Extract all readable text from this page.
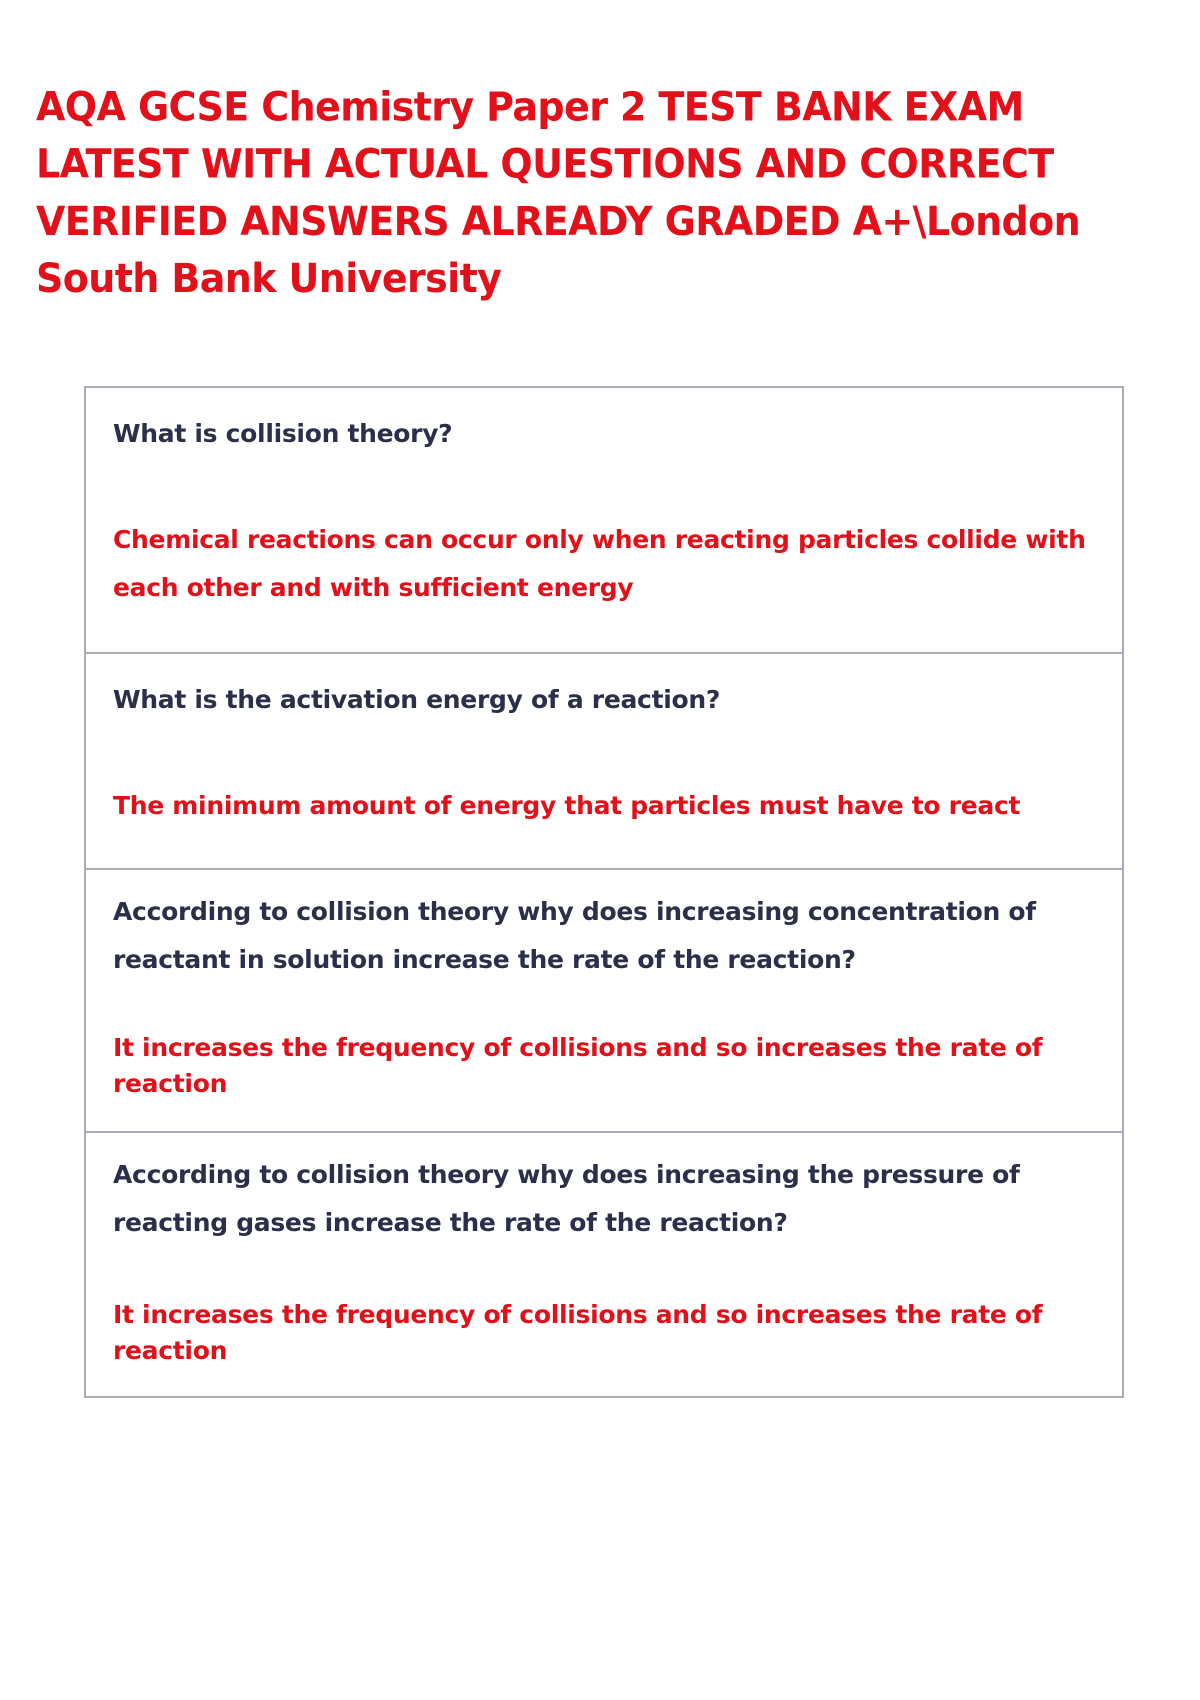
AQA GCSE Chemistry Paper 2 TEST BANK EXAM LATEST WITH ACTUAL QUESTIONS AND CORRECT VERIFIED ANSWERS ALREADY GRADED A+\London South Bank University

What is collision theory?

Chemical reactions can occur only when reacting particles collide with each other and with sufficient energy

What is the activation energy of a reaction?

The minimum amount of energy that particles must have to react

According to collision theory why does increasing concentration of reactant in solution increase the rate of the reaction?

It increases the frequency of collisions and so increases the rate of reaction

According to collision theory why does increasing the pressure of reacting gases increase the rate of the reaction?

It increases the frequency of collisions and so increases the rate of reaction
